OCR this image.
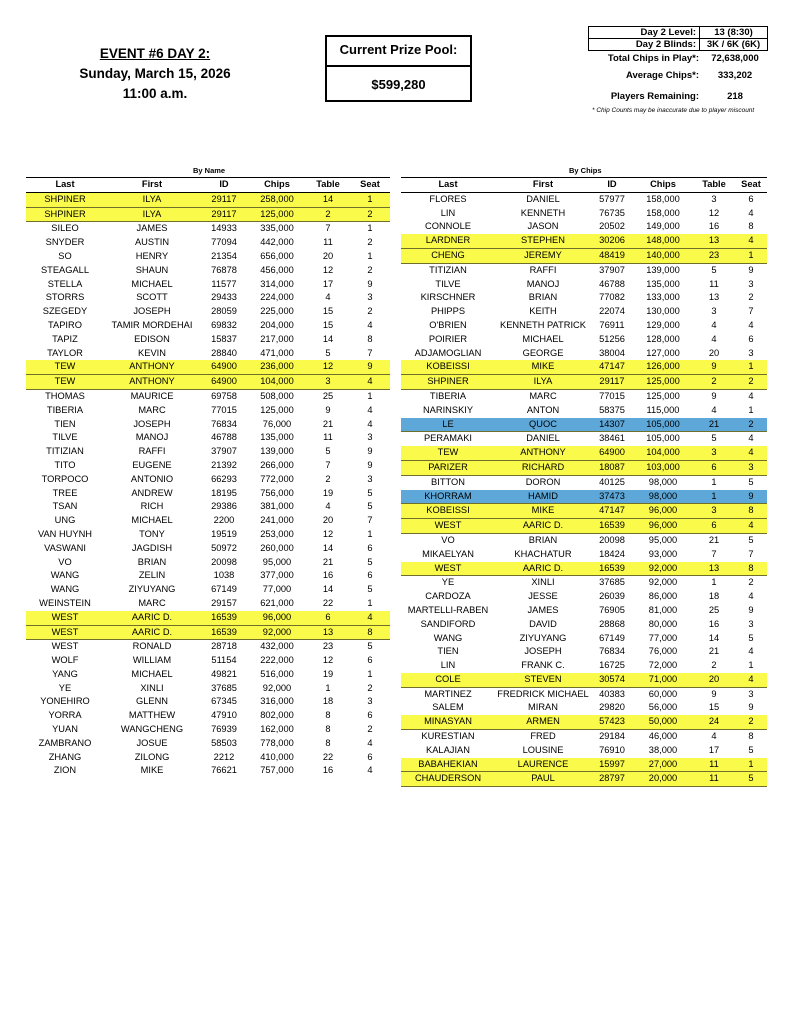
EVENT #6 DAY 2:
Sunday, March 15, 2026
11:00 a.m.
Current Prize Pool:
$599,280
Day 2 Level:	13 (8:30)
Day 2 Blinds:	3K / 6K (6K)
Total Chips in Play*:	72,638,000
Average Chips*:	333,202
Players Remaining:	218
* Chip Counts may be inaccurate due to player miscount
By Name	By Chips
Last	First	ID	Chips	Table	Seat
SHPINER	ILYA	29117	258,000	14	1
SHPINER	ILYA	29117	125,000	2	2
SILEO	JAMES	14933	335,000	7	1
SNYDER	AUSTIN	77094	442,000	11	2
SO	HENRY	21354	656,000	20	1
STEAGALL	SHAUN	76878	456,000	12	2
STELLA	MICHAEL	11577	314,000	17	9
STORRS	SCOTT	29433	224,000	4	3
SZEGEDY	JOSEPH	28059	225,000	15	2
TAPIRO	TAMIR MORDEHAI	69832	204,000	15	4
TAPIZ	EDISON	15837	217,000	14	8
TAYLOR	KEVIN	28840	471,000	5	7
TEW	ANTHONY	64900	236,000	12	9
TEW	ANTHONY	64900	104,000	3	4
THOMAS	MAURICE	69758	508,000	25	1
TIBERIA	MARC	77015	125,000	9	4
TIEN	JOSEPH	76834	76,000	21	4
TILVE	MANOJ	46788	135,000	11	3
TITIZIAN	RAFFI	37907	139,000	5	9
TITO	EUGENE	21392	266,000	7	9
TORPOCO	ANTONIO	66293	772,000	2	3
TREE	ANDREW	18195	756,000	19	5
TSAN	RICH	29386	381,000	4	5
UNG	MICHAEL	2200	241,000	20	7
VAN HUYNH	TONY	19519	253,000	12	1
VASWANI	JAGDISH	50972	260,000	14	6
VO	BRIAN	20098	95,000	21	5
WANG	ZELIN	1038	377,000	16	6
WANG	ZIYUYANG	67149	77,000	14	5
WEINSTEIN	MARC	29157	621,000	22	1
WEST	AARIC D.	16539	96,000	6	4
WEST	AARIC D.	16539	92,000	13	8
WEST	RONALD	28718	432,000	23	5
WOLF	WILLIAM	51154	222,000	12	6
YANG	MICHAEL	49821	516,000	19	1
YE	XINLI	37685	92,000	1	2
YONEHIRO	GLENN	67345	316,000	18	3
YORRA	MATTHEW	47910	802,000	8	6
YUAN	WANGCHENG	76939	162,000	8	2
ZAMBRANO	JOSUE	58503	778,000	8	4
ZHANG	ZILONG	2212	410,000	22	6
ZION	MIKE	76621	757,000	16	4
Last	First	ID	Chips	Table	Seat
FLORES	DANIEL	57977	158,000	3	6
LIN	KENNETH	76735	158,000	12	4
CONNOLE	JASON	20502	149,000	16	8
LARDNER	STEPHEN	30206	148,000	13	4
CHENG	JEREMY	48419	140,000	23	1
TITIZIAN	RAFFI	37907	139,000	5	9
TILVE	MANOJ	46788	135,000	11	3
KIRSCHNER	BRIAN	77082	133,000	13	2
PHIPPS	KEITH	22074	130,000	3	7
O'BRIEN	KENNETH PATRICK	76911	129,000	4	4
POIRIER	MICHAEL	51256	128,000	4	6
ADJAMOGLIAN	GEORGE	38004	127,000	20	3
KOBEISSI	MIKE	47147	126,000	9	1
SHPINER	ILYA	29117	125,000	2	2
TIBERIA	MARC	77015	125,000	9	4
NARINSKIY	ANTON	58375	115,000	4	1
LE	QUOC	14307	105,000	21	2
PERAMAKI	DANIEL	38461	105,000	5	4
TEW	ANTHONY	64900	104,000	3	4
PARIZER	RICHARD	18087	103,000	6	3
BITTON	DORON	40125	98,000	1	5
KHORRAM	HAMID	37473	98,000	1	9
KOBEISSI	MIKE	47147	96,000	3	8
WEST	AARIC D.	16539	96,000	6	4
VO	BRIAN	20098	95,000	21	5
MIKAELYAN	KHACHATUR	18424	93,000	7	7
WEST	AARIC D.	16539	92,000	13	8
YE	XINLI	37685	92,000	1	2
CARDOZA	JESSE	26039	86,000	18	4
MARTELLI-RABEN	JAMES	76905	81,000	25	9
SANDIFORD	DAVID	28868	80,000	16	3
WANG	ZIYUYANG	67149	77,000	14	5
TIEN	JOSEPH	76834	76,000	21	4
LIN	FRANK C.	16725	72,000	2	1
COLE	STEVEN	30574	71,000	20	4
MARTINEZ	FREDRICK MICHAEL	40383	60,000	9	3
SALEM	MIRAN	29820	56,000	15	9
MINASYAN	ARMEN	57423	50,000	24	2
KURESTIAN	FRED	29184	46,000	4	8
KALAJIAN	LOUSINE	76910	38,000	17	5
BABAHEKIAN	LAURENCE	15997	27,000	11	1
CHAUDERSON	PAUL	28797	20,000	11	5
